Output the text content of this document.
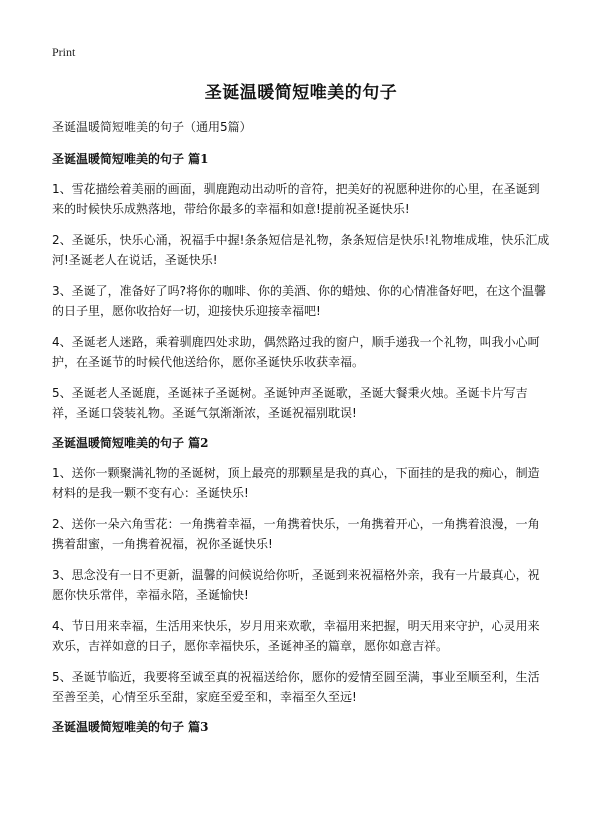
Print
圣诞温暖简短唯美的句子
圣诞温暖简短唯美的句子（通用5篇）
圣诞温暖简短唯美的句子 篇1

1、雪花描绘着美丽的画面，驯鹿跑动出动听的音符，把美好的祝愿种进你的心里，在圣诞到来的时候快乐成熟落地，带给你最多的幸福和如意!提前祝圣诞快乐!

2、圣诞乐，快乐心涌，祝福手中握!条条短信是礼物，条条短信是快乐!礼物堆成堆，快乐汇成河!圣诞老人在说话，圣诞快乐!

3、圣诞了，准备好了吗?将你的咖啡、你的美酒、你的蜡烛、你的心情准备好吧，在这个温馨的日子里，愿你收拾好一切，迎接快乐迎接幸福吧!

4、圣诞老人迷路，乘着驯鹿四处求助，偶然路过我的窗户，顺手递我一个礼物，叫我小心呵护，在圣诞节的时候代他送给你，愿你圣诞快乐收获幸福。

5、圣诞老人圣诞鹿，圣诞袜子圣诞树。圣诞钟声圣诞歌，圣诞大餐秉火烛。圣诞卡片写吉祥，圣诞口袋装礼物。圣诞气氛渐渐浓，圣诞祝福别耽误!

圣诞温暖简短唯美的句子 篇2

1、送你一颗聚满礼物的圣诞树，顶上最亮的那颗星是我的真心，下面挂的是我的痴心，制造材料的是我一颗不变有心：圣诞快乐!

2、送你一朵六角雪花：一角携着幸福，一角携着快乐，一角携着开心，一角携着浪漫，一角携着甜蜜，一角携着祝福，祝你圣诞快乐!

3、思念没有一日不更新，温馨的问候说给你听，圣诞到来祝福格外亲，我有一片最真心，祝愿你快乐常伴，幸福永陪，圣诞愉快!

4、节日用来幸福，生活用来快乐，岁月用来欢歌，幸福用来把握，明天用来守护，心灵用来欢乐，吉祥如意的日子，愿你幸福快乐，圣诞神圣的篇章，愿你如意吉祥。

5、圣诞节临近，我要将至诚至真的祝福送给你，愿你的爱情至圆至满，事业至顺至利，生活至善至美，心情至乐至甜，家庭至爱至和，幸福至久至远!

圣诞温暖简短唯美的句子 篇3
